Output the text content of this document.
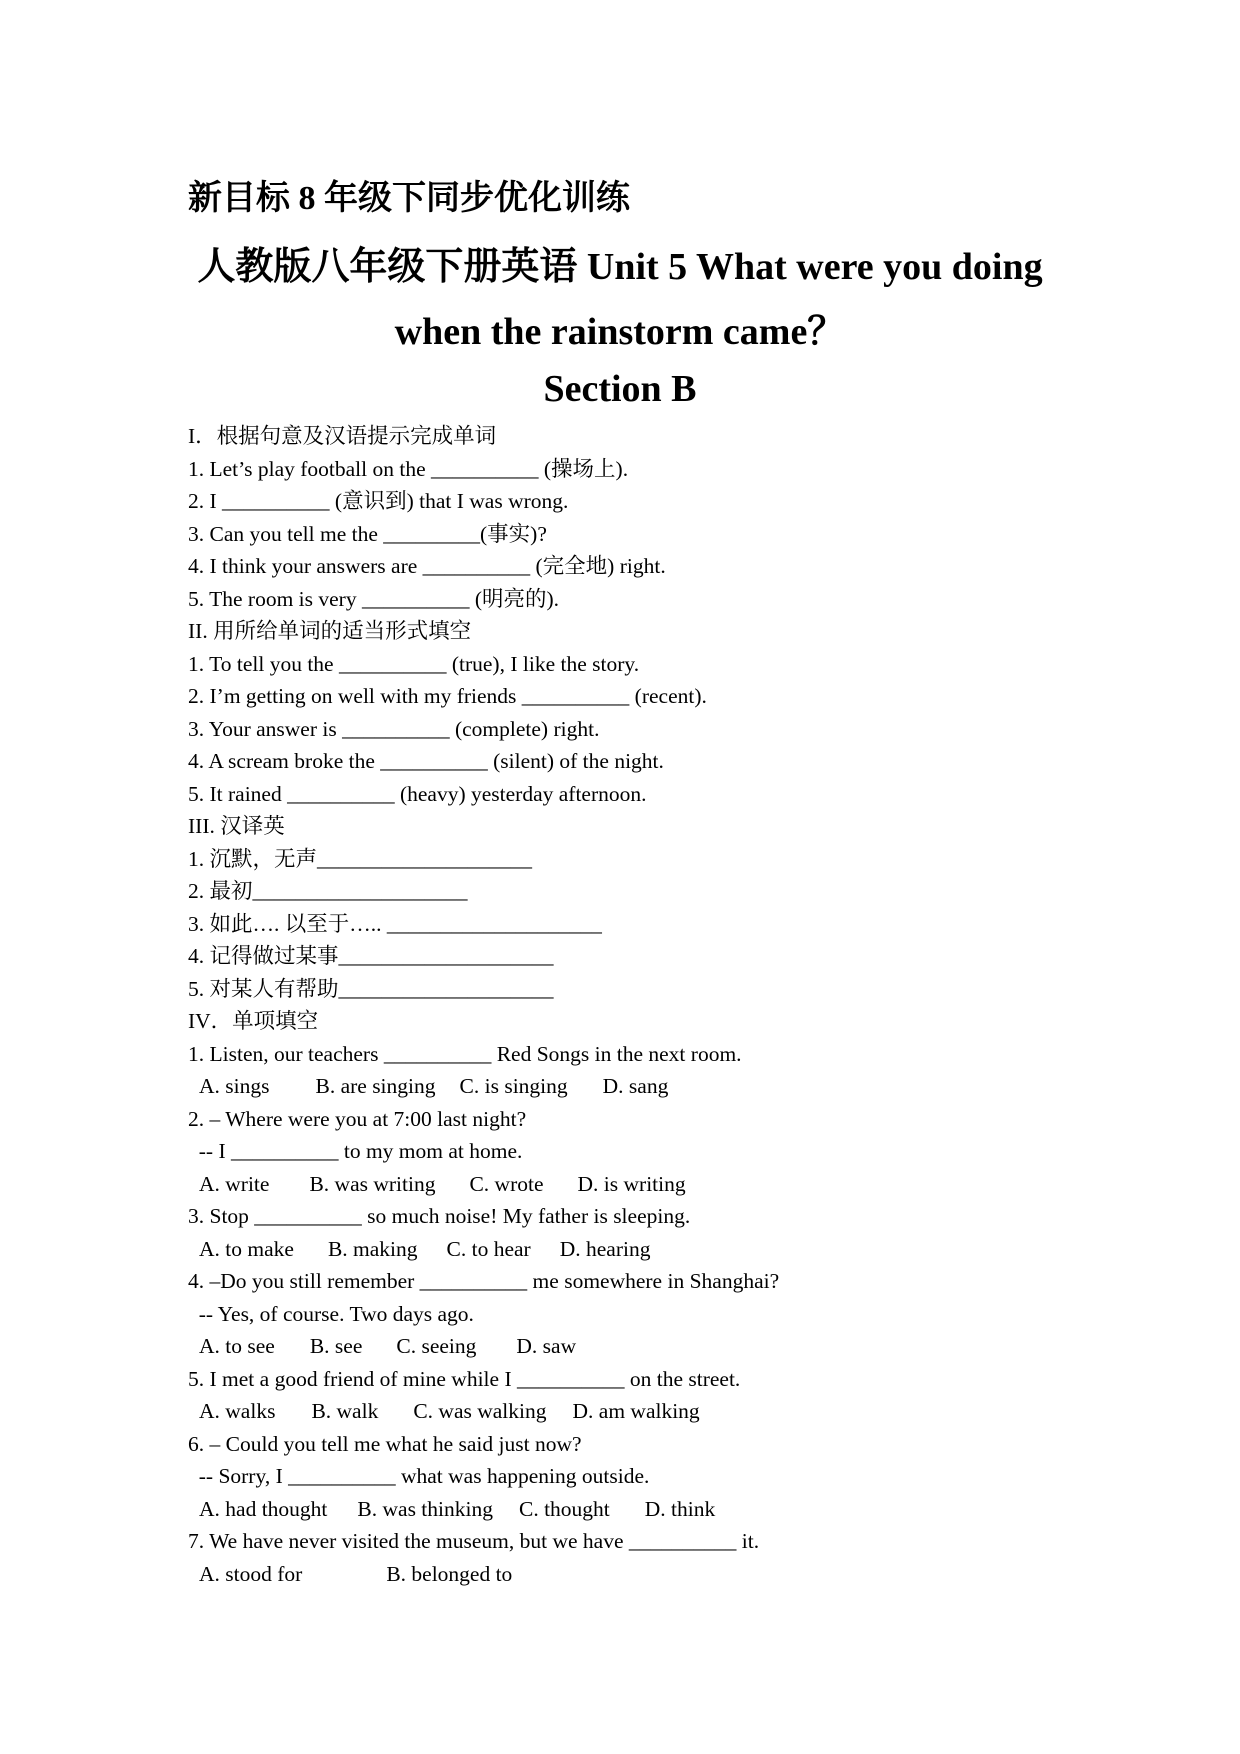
新目标 8 年级下同步优化训练
人教版八年级下册英语 Unit 5 What were you doing
when the rainstorm came？
Section B
I．根据句意及汉语提示完成单词
1. Let’s play football on the __________ (操场上).
2. I __________ (意识到) that I was wrong.
3. Can you tell me the _________(事实)?
4. I think your answers are __________ (完全地) right.
5. The room is very __________ (明亮的).
II. 用所给单词的适当形式填空
1. To tell you the __________ (true), I like the story.
2. I’m getting on well with my friends __________ (recent).
3. Your answer is __________ (complete) right.
4. A scream broke the __________ (silent) of the night.
5. It rained __________ (heavy) yesterday afternoon.
III. 汉译英
1. 沉默，无声____________________
2. 最初____________________
3. 如此…. 以至于….. ____________________
4. 记得做过某事____________________
5. 对某人有帮助____________________
IV．单项填空
1. Listen, our teachers __________ Red Songs in the next room.
A. sings B. are singing C. is singing D. sang
2. – Where were you at 7:00 last night?
-- I __________ to my mom at home.
A. write B. was writing C. wrote D. is writing
3. Stop __________ so much noise! My father is sleeping.
A. to make B. making C. to hear D. hearing
4. –Do you still remember __________ me somewhere in Shanghai?
-- Yes, of course. Two days ago.
A. to see B. see C. seeing D. saw
5. I met a good friend of mine while I __________ on the street.
A. walks B. walk C. was walking D. am walking
6. – Could you tell me what he said just now?
-- Sorry, I __________ what was happening outside.
A. had thought B. was thinking C. thought D. think
7. We have never visited the museum, but we have __________ it.
A. stood for	B. belonged to
